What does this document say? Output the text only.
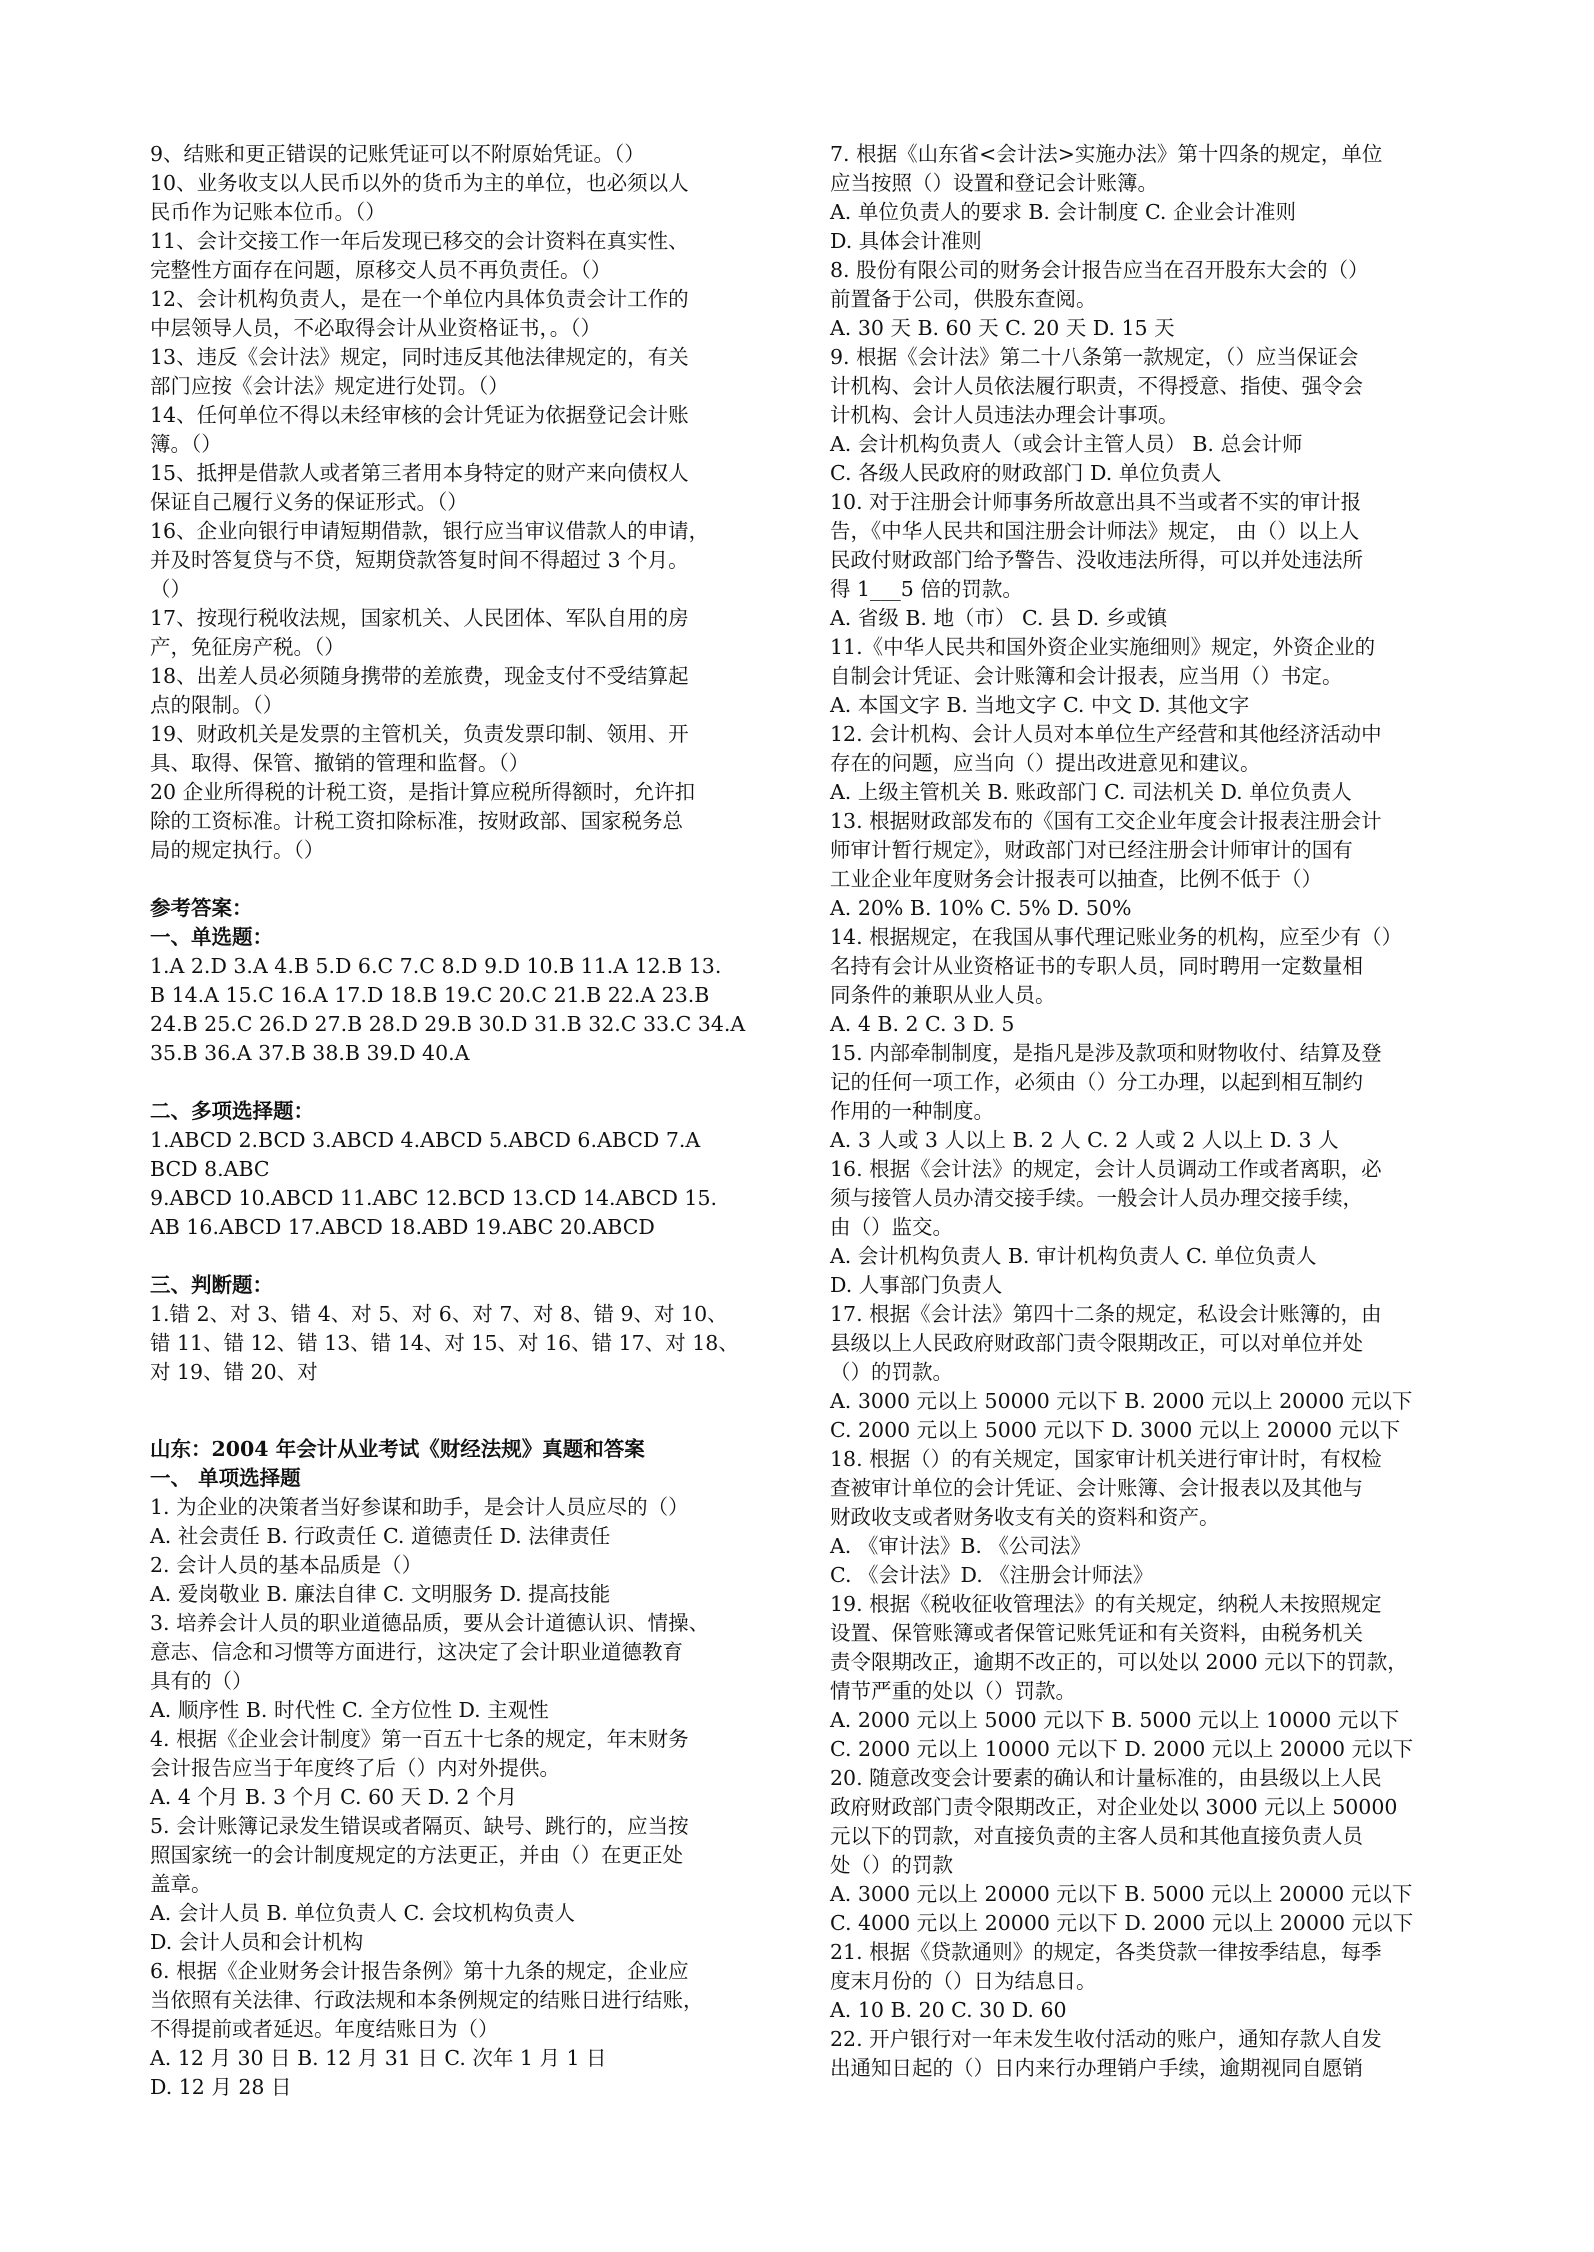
9、结账和更正错误的记账凭证可以不附原始凭证。（）
10、业务收支以人民币以外的货币为主的单位，也必须以人
民币作为记账本位币。（）
11、会计交接工作一年后发现已移交的会计资料在真实性、
完整性方面存在问题，原移交人员不再负责任。（）
12、会计机构负责人，是在一个单位内具体负责会计工作的
中层领导人员，不必取得会计从业资格证书，。（）
13、违反《会计法》规定，同时违反其他法律规定的，有关
部门应按《会计法》规定进行处罚。（）
14、任何单位不得以未经审核的会计凭证为依据登记会计账
簿。（）
15、抵押是借款人或者第三者用本身特定的财产来向债权人
保证自己履行义务的保证形式。（）
16、企业向银行申请短期借款，银行应当审议借款人的申请，
并及时答复贷与不贷，短期贷款答复时间不得超过 3 个月。
（）
17、按现行税收法规，国家机关、人民团体、军队自用的房
产，免征房产税。（）
18、出差人员必须随身携带的差旅费，现金支付不受结算起
点的限制。（）
19、财政机关是发票的主管机关，负责发票印制、领用、开
具、取得、保管、撤销的管理和监督。（）
20 企业所得税的计税工资，是指计算应税所得额时，允许扣
除的工资标准。计税工资扣除标准，按财政部、国家税务总
局的规定执行。（）
参考答案：
一、单选题：
1.A 2.D 3.A 4.B 5.D 6.C 7.C 8.D 9.D 10.B 11.A 12.B 13.
B 14.A 15.C 16.A 17.D 18.B 19.C 20.C 21.B 22.A 23.B
24.B 25.C 26.D 27.B 28.D 29.B 30.D 31.B 32.C 33.C 34.A
35.B 36.A 37.B 38.B 39.D 40.A
二、多项选择题：
1.ABCD 2.BCD 3.ABCD 4.ABCD 5.ABCD 6.ABCD 7.A
BCD 8.ABC
9.ABCD 10.ABCD 11.ABC 12.BCD 13.CD 14.ABCD 15.
AB 16.ABCD 17.ABCD 18.ABD 19.ABC 20.ABCD
三、判断题：
1.错 2、对 3、错 4、对 5、对 6、对 7、对 8、错 9、对 10、
错 11、错 12、错 13、错 14、对 15、对 16、错 17、对 18、
对 19、错 20、对
山东：2004 年会计从业考试《财经法规》真题和答案
一、 单项选择题
1. 为企业的决策者当好参谋和助手，是会计人员应尽的（）
A. 社会责任 B. 行政责任 C. 道德责任 D. 法律责任
2. 会计人员的基本品质是（）
A. 爱岗敬业 B. 廉法自律 C. 文明服务 D. 提高技能
3. 培养会计人员的职业道德品质，要从会计道德认识、情操、
意志、信念和习惯等方面进行，这决定了会计职业道德教育
具有的（）
A. 顺序性 B. 时代性 C. 全方位性 D. 主观性
4. 根据《企业会计制度》第一百五十七条的规定，年末财务
会计报告应当于年度终了后（）内对外提供。
A. 4 个月 B. 3 个月 C. 60 天 D. 2 个月
5. 会计账簿记录发生错误或者隔页、缺号、跳行的，应当按
照国家统一的会计制度规定的方法更正，并由（）在更正处
盖章。
A. 会计人员 B. 单位负责人 C. 会坟机构负责人
D. 会计人员和会计机构
6. 根据《企业财务会计报告条例》第十九条的规定，企业应
当依照有关法律、行政法规和本条例规定的结账日进行结账，
不得提前或者延迟。年度结账日为（）
A. 12 月 30 日 B. 12 月 31 日 C. 次年 1 月 1 日
D. 12 月 28 日
7. 根据《山东省<会计法>实施办法》第十四条的规定，单位
应当按照（）设置和登记会计账簿。
A. 单位负责人的要求 B. 会计制度 C. 企业会计准则
D. 具体会计准则
8. 股份有限公司的财务会计报告应当在召开股东大会的（）
前置备于公司，供股东查阅。
A. 30 天 B. 60 天 C. 20 天 D. 15 天
9. 根据《会计法》第二十八条第一款规定，（）应当保证会
计机构、会计人员依法履行职责，不得授意、指使、强令会
计机构、会计人员违法办理会计事项。
A. 会计机构负责人（或会计主管人员） B. 总会计师
C. 各级人民政府的财政部门 D. 单位负责人
10. 对于注册会计师事务所故意出具不当或者不实的审计报
告，《中华人民共和国注册会计师法》规定， 由（）以上人
民政付财政部门给予警告、没收违法所得，可以并处违法所
得 1___5 倍的罚款。
A. 省级 B. 地（市） C. 县 D. 乡或镇
11.《中华人民共和国外资企业实施细则》规定，外资企业的
自制会计凭证、会计账簿和会计报表，应当用（）书定。
A. 本国文字 B. 当地文字 C. 中文 D. 其他文字
12. 会计机构、会计人员对本单位生产经营和其他经济活动中
存在的问题，应当向（）提出改进意见和建议。
A. 上级主管机关 B. 账政部门 C. 司法机关 D. 单位负责人
13. 根据财政部发布的《国有工交企业年度会计报表注册会计
师审计暂行规定》，财政部门对已经注册会计师审计的国有
工业企业年度财务会计报表可以抽查，比例不低于（）
A. 20% B. 10% C. 5% D. 50%
14. 根据规定，在我国从事代理记账业务的机构，应至少有（）
名持有会计从业资格证书的专职人员，同时聘用一定数量相
同条件的兼职从业人员。
A. 4 B. 2 C. 3 D. 5
15. 内部牵制制度，是指凡是涉及款项和财物收付、结算及登
记的任何一项工作，必须由（）分工办理，以起到相互制约
作用的一种制度。
A. 3 人或 3 人以上 B. 2 人 C. 2 人或 2 人以上 D. 3 人
16. 根据《会计法》的规定，会计人员调动工作或者离职，必
须与接管人员办清交接手续。一般会计人员办理交接手续，
由（）监交。
A. 会计机构负责人 B. 审计机构负责人 C. 单位负责人
D. 人事部门负责人
17. 根据《会计法》第四十二条的规定，私设会计账簿的，由
县级以上人民政府财政部门责令限期改正，可以对单位并处
（）的罚款。
A. 3000 元以上 50000 元以下 B. 2000 元以上 20000 元以下
C. 2000 元以上 5000 元以下 D. 3000 元以上 20000 元以下
18. 根据（）的有关规定，国家审计机关进行审计时，有权检
查被审计单位的会计凭证、会计账簿、会计报表以及其他与
财政收支或者财务收支有关的资料和资产。
A. 《审计法》B. 《公司法》
C. 《会计法》D. 《注册会计师法》
19. 根据《税收征收管理法》的有关规定，纳税人未按照规定
设置、保管账簿或者保管记账凭证和有关资料，由税务机关
责令限期改正，逾期不改正的，可以处以 2000 元以下的罚款，
情节严重的处以（）罚款。
A. 2000 元以上 5000 元以下 B. 5000 元以上 10000 元以下
C. 2000 元以上 10000 元以下 D. 2000 元以上 20000 元以下
20. 随意改变会计要素的确认和计量标准的，由县级以上人民
政府财政部门责令限期改正，对企业处以 3000 元以上 50000
元以下的罚款，对直接负责的主客人员和其他直接负责人员
处（）的罚款
A. 3000 元以上 20000 元以下 B. 5000 元以上 20000 元以下
C. 4000 元以上 20000 元以下 D. 2000 元以上 20000 元以下
21. 根据《贷款通则》的规定，各类贷款一律按季结息，每季
度末月份的（）日为结息日。
A. 10 B. 20 C. 30 D. 60
22. 开户银行对一年未发生收付活动的账户，通知存款人自发
出通知日起的（）日内来行办理销户手续，逾期视同自愿销
